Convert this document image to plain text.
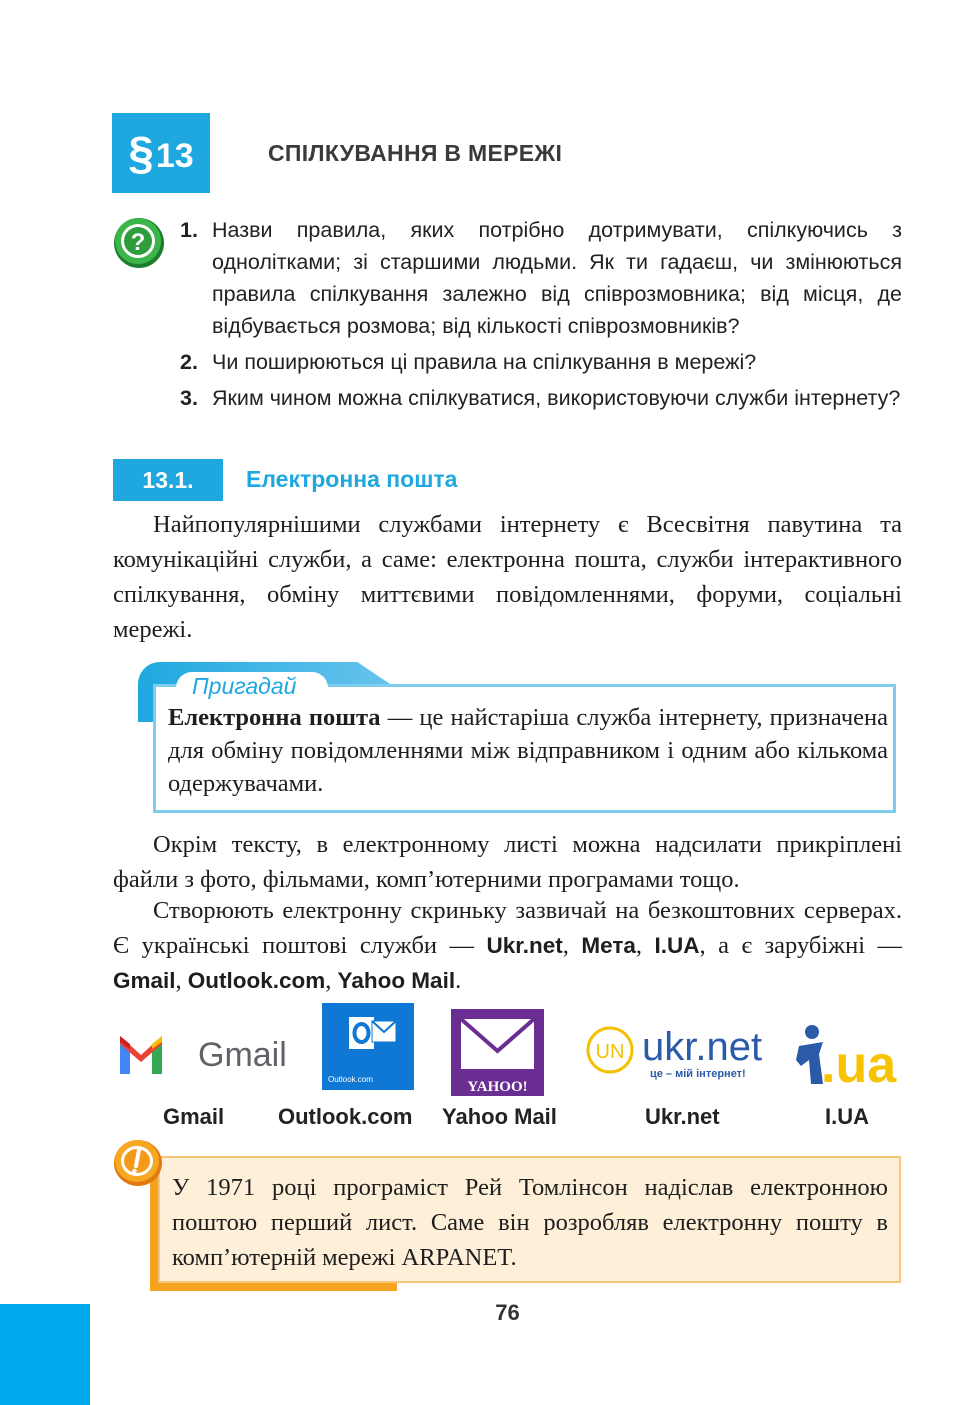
§ 13	СПІЛКУВАННЯ В МЕРЕЖІ
? 1. Назви правила, яких потрібно дотримувати, спілкуючись з однолітками; зі старшими людьми. Як ти гадаєш, чи змінюються правила спілкування залежно від співрозмовника; від місця, де відбувається розмова; від кількості співрозмовників?
2. Чи поширюються ці правила на спілкування в мережі?
3. Яким чином можна спілкуватися, використовуючи служби інтернету?
13.1.	Електронна пошта
Найпопулярнішими службами інтернету є Всесвітня павутина та комунікаційні служби, а саме: електронна пошта, служби інтерактивного спілкування, обміну миттєвими повідомленнями, форуми, соціальні мережі.
Пригадай
Електронна пошта — це найстаріша служба інтернету, призначена для обміну повідомленнями між відправником і одним або кількома одержувачами.
Окрім тексту, в електронному листі можна надсилати прикріплені файли з фото, фільмами, комп’ютерними програмами тощо.
Створюють електронну скриньку зазвичай на безкоштовних серверах. Є українські поштові служби — Ukr.net, Мета, I.UA, а є зарубіжні — Gmail, Outlook.com, Yahoo Mail.
Gmail
Outlook.com	YAHOO!
UN ukr.net
це – мій інтернет! .ua
Gmail Outlook.com Yahoo Mail	Ukr.net	I.UA
У 1971 році програміст Рей Томлінсон надіслав електронною поштою перший лист. Саме він розробляв електронну пошту в комп’ютерній мережі ARPANET.
76
